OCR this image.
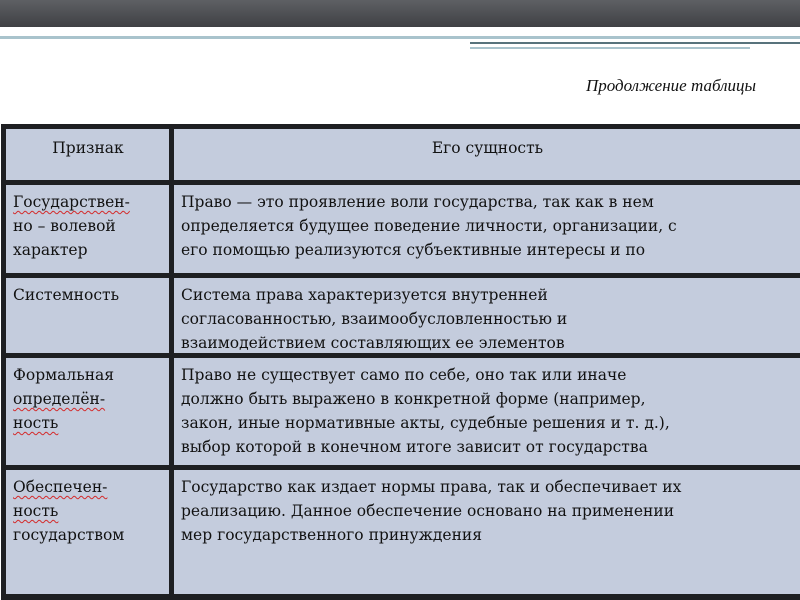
Продолжение таблицы
Признак	Его сущность
Государствен-
но – волевой
характер
Право — это проявление воли государства, так как в нем
определяется будущее поведение личности, организации, с
его помощью реализуются субъективные интересы и по
Системность	Система права характеризуется внутренней
согласованностью, взаимообусловленностью и
взаимодействием составляющих ее элементов
Формальная
определён-
ность
Право не существует само по себе, оно так или иначе
должно быть выражено в конкретной форме (например,
закон, иные нормативные акты, судебные решения и т. д.),
выбор которой в конечном итоге зависит от государства
Обеспечен-
ность
государством
Государство как издает нормы права, так и обеспечивает их
реализацию. Данное обеспечение основано на применении
мер государственного принуждения
